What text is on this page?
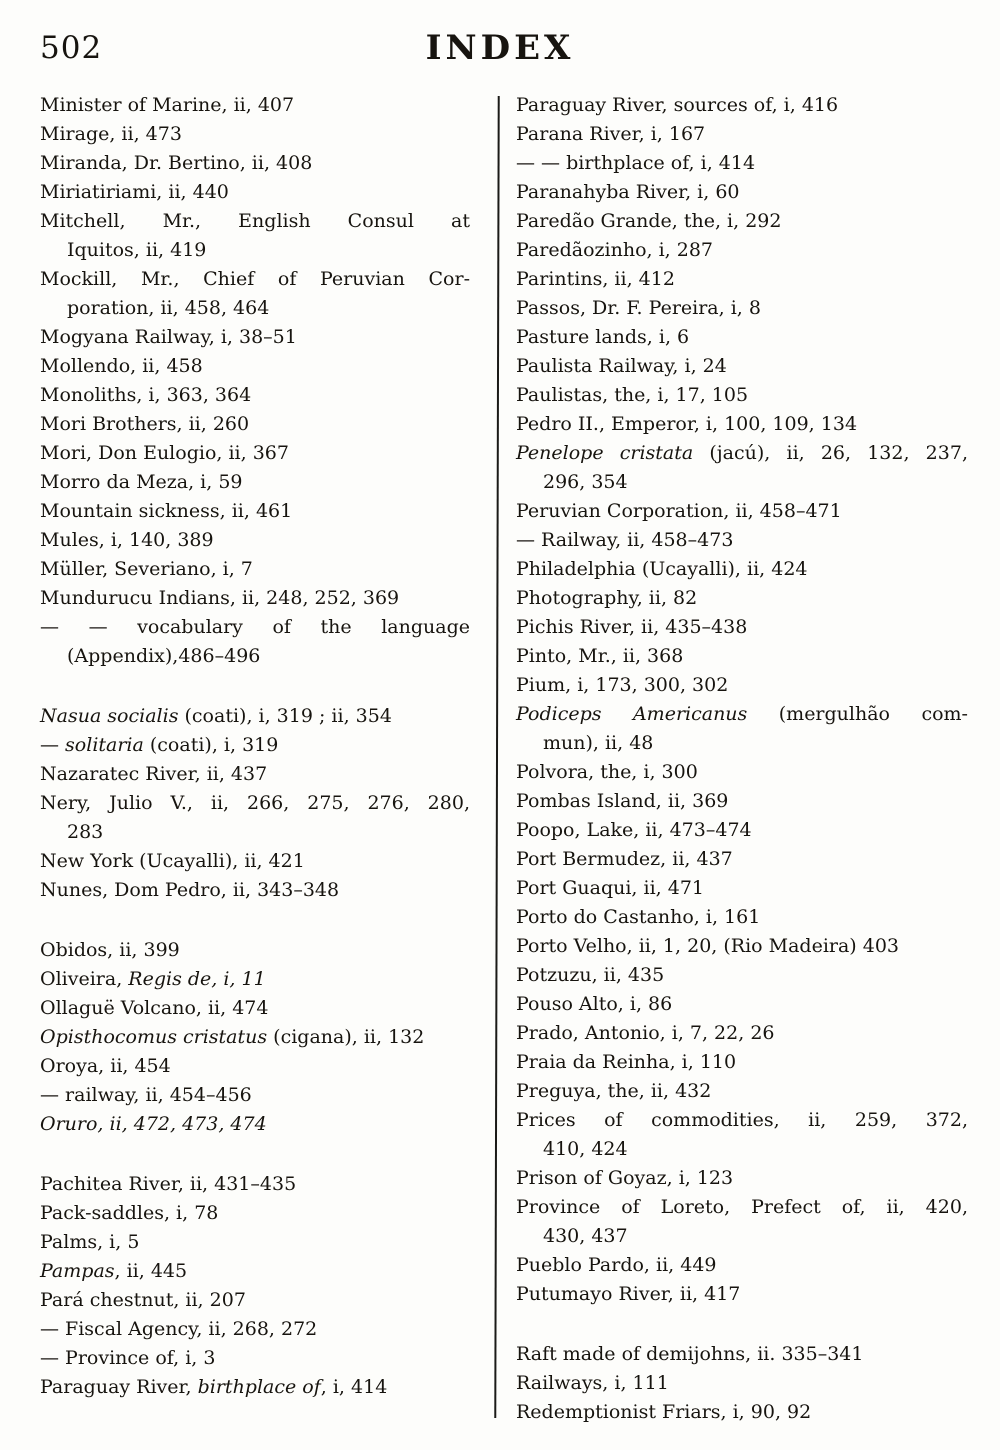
502	INDEX
Minister of Marine, ii, 407
Mirage, ii, 473
Miranda, Dr. Bertino, ii, 408
Miriatiriami, ii, 440
Mitchell, Mr., English Consul at
Iquitos, ii, 419
Mockill, Mr., Chief of Peruvian Cor-
poration, ii, 458, 464
Mogyana Railway, i, 38–51
Mollendo, ii, 458
Monoliths, i, 363, 364
Mori Brothers, ii, 260
Mori, Don Eulogio, ii, 367
Morro da Meza, i, 59
Mountain sickness, ii, 461
Mules, i, 140, 389
Müller, Severiano, i, 7
Mundurucu Indians, ii, 248, 252, 369
— — vocabulary of the language
(Appendix),486–496
Nasua socialis (coati), i, 319 ; ii, 354
— solitaria (coati), i, 319
Nazaratec River, ii, 437
Nery, Julio V., ii, 266, 275, 276, 280,
283
New York (Ucayalli), ii, 421
Nunes, Dom Pedro, ii, 343–348
Obidos, ii, 399
Oliveira, Regis de, i, 11
Ollaguë Volcano, ii, 474
Opisthocomus cristatus (cigana), ii, 132
Oroya, ii, 454
— railway, ii, 454–456
Oruro, ii, 472, 473, 474
Pachitea River, ii, 431–435
Pack-saddles, i, 78
Palms, i, 5
Pampas, ii, 445
Pará chestnut, ii, 207
— Fiscal Agency, ii, 268, 272
— Province of, i, 3
Paraguay River, birthplace of, i, 414
Paraguay River, sources of, i, 416
Parana River, i, 167
— — birthplace of, i, 414
Paranahyba River, i, 60
Paredão Grande, the, i, 292
Paredãozinho, i, 287
Parintins, ii, 412
Passos, Dr. F. Pereira, i, 8
Pasture lands, i, 6
Paulista Railway, i, 24
Paulistas, the, i, 17, 105
Pedro II., Emperor, i, 100, 109, 134
Penelope cristata (jacú), ii, 26, 132, 237,
296, 354
Peruvian Corporation, ii, 458–471
— Railway, ii, 458–473
Philadelphia (Ucayalli), ii, 424
Photography, ii, 82
Pichis River, ii, 435–438
Pinto, Mr., ii, 368
Pium, i, 173, 300, 302
Podiceps Americanus (mergulhão com-
mun), ii, 48
Polvora, the, i, 300
Pombas Island, ii, 369
Poopo, Lake, ii, 473–474
Port Bermudez, ii, 437
Port Guaqui, ii, 471
Porto do Castanho, i, 161
Porto Velho, ii, 1, 20, (Rio Madeira) 403
Potzuzu, ii, 435
Pouso Alto, i, 86
Prado, Antonio, i, 7, 22, 26
Praia da Reinha, i, 110
Preguya, the, ii, 432
Prices of commodities, ii, 259, 372,
410, 424
Prison of Goyaz, i, 123
Province of Loreto, Prefect of, ii, 420,
430, 437
Pueblo Pardo, ii, 449
Putumayo River, ii, 417
Raft made of demijohns, ii. 335–341
Railways, i, 111
Redemptionist Friars, i, 90, 92
